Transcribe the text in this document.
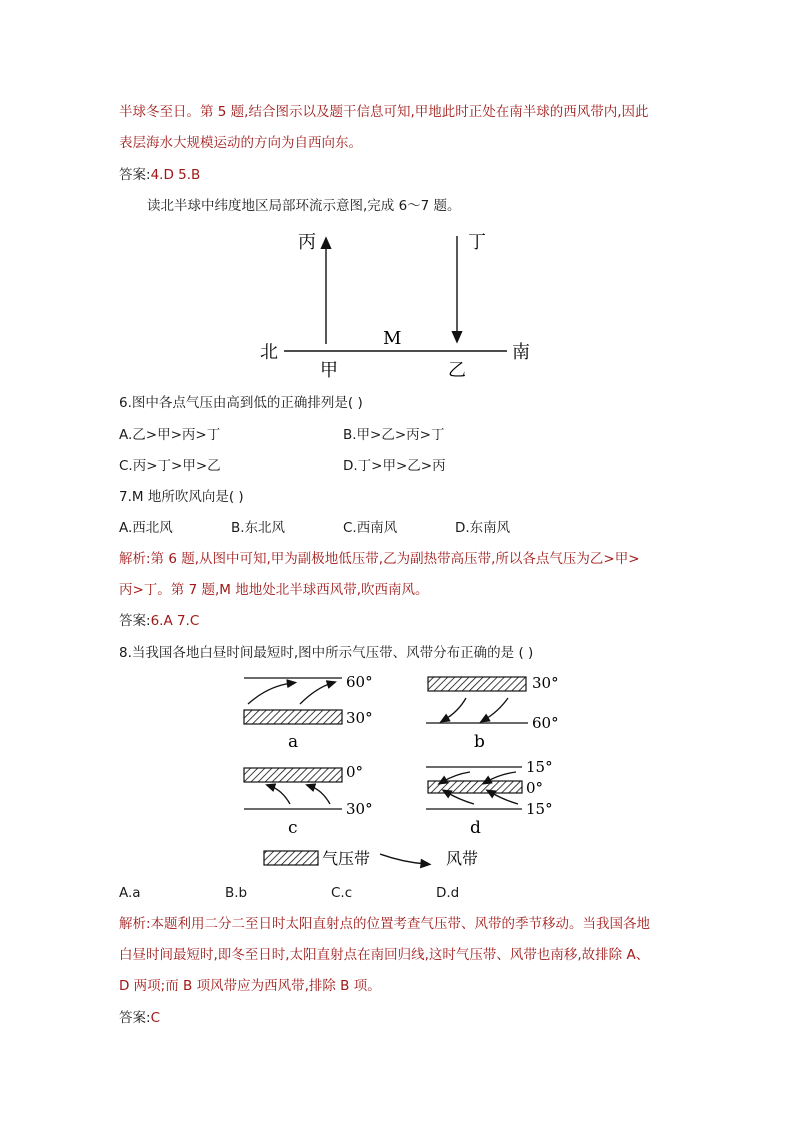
半球冬至日。第 5 题,结合图示以及题干信息可知,甲地此时正处在南半球的西风带内,因此
表层海水大规模运动的方向为自西向东。
答案:4.D 5.B
读北半球中纬度地区局部环流示意图,完成 6～7 题。
丙	丁
北	南
M
甲	乙
6.图中各点气压由高到低的正确排列是( )
A.乙>甲>丙>丁	B.甲>乙>丙>丁
C.丙>丁>甲>乙	D.丁>甲>乙>丙
7.M 地所吹风向是( )
A.西北风	B.东北风	C.西南风	D.东南风
解析:第 6 题,从图中可知,甲为副极地低压带,乙为副热带高压带,所以各点气压为乙>甲>
丙>丁。第 7 题,M 地地处北半球西风带,吹西南风。
答案:6.A 7.C
8.当我国各地白昼时间最短时,图中所示气压带、风带分布正确的是 ( )
60°
30°
a
30°
60°
b
0°
30°
c
15°
0°
15°
d
气压带	风带
A.a	B.b	C.c	D.d
解析:本题利用二分二至日时太阳直射点的位置考查气压带、风带的季节移动。当我国各地
白昼时间最短时,即冬至日时,太阳直射点在南回归线,这时气压带、风带也南移,故排除 A、
D 两项;而 B 项风带应为西风带,排除 B 项。
答案:C
